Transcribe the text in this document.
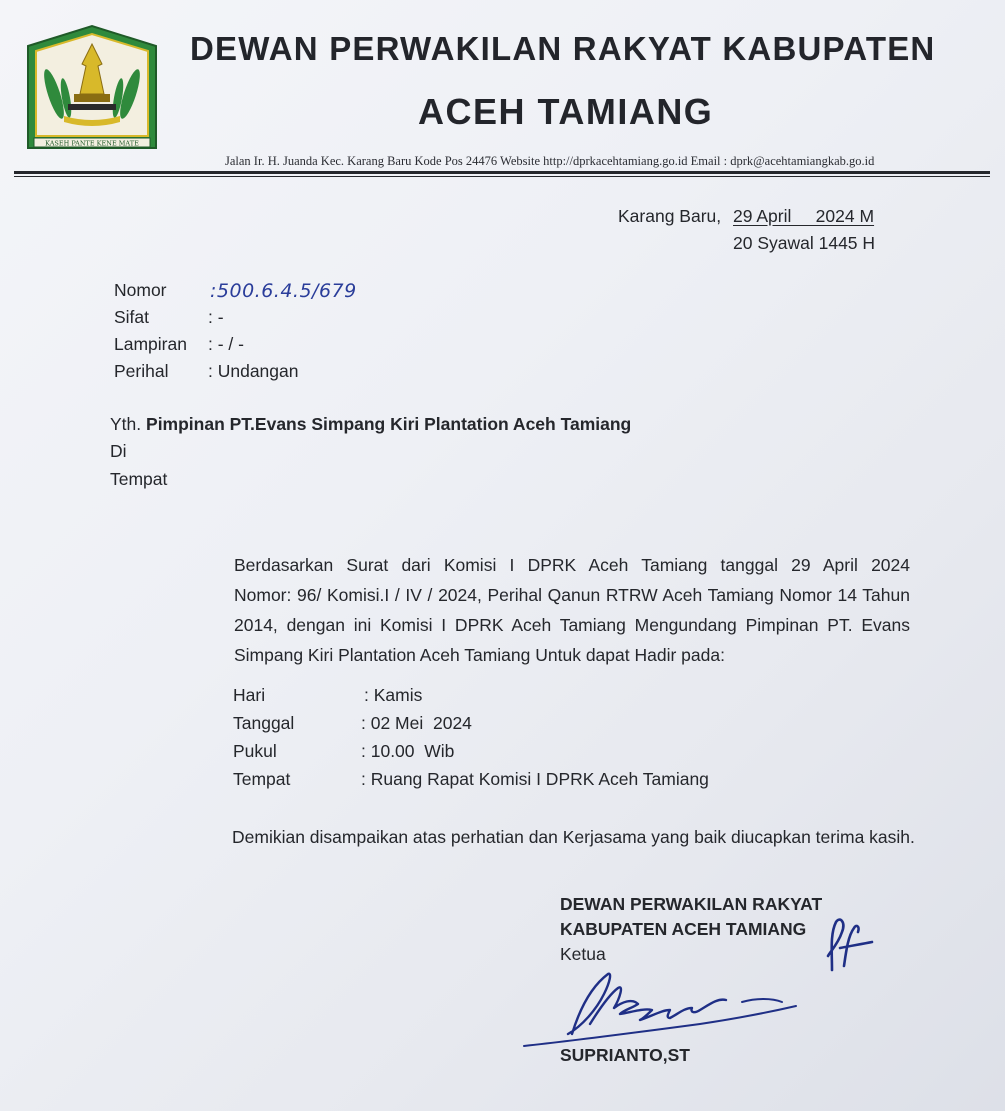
KASEH PANTE KENE MATE
DEWAN PERWAKILAN RAKYAT KABUPATEN
ACEH TAMIANG
Jalan Ir. H. Juanda Kec. Karang Baru Kode Pos 24476 Website http://dprkacehtamiang.go.id Email : dprk@acehtamiangkab.go.id
Karang Baru, 29 April     2024 M
20 Syawal 1445 H
Nomor :500.6.4.5/679
Sifat	: -
Lampiran : - / -
Perihal : Undangan
Yth. Pimpinan PT.Evans Simpang Kiri Plantation Aceh Tamiang
Di
Tempat
Berdasarkan Surat dari Komisi I DPRK Aceh Tamiang tanggal 29 April 2024
Nomor: 96/ Komisi.I / IV / 2024, Perihal Qanun RTRW Aceh Tamiang Nomor 14 Tahun
2014, dengan ini Komisi I DPRK Aceh Tamiang Mengundang Pimpinan PT. Evans
Simpang Kiri Plantation Aceh Tamiang Untuk dapat Hadir pada:
Hari	: Kamis
Tanggal	: 02 Mei  2024
Pukul	: 10.00  Wib
Tempat	: Ruang Rapat Komisi I DPRK Aceh Tamiang
Demikian disampaikan atas perhatian dan Kerjasama yang baik diucapkan terima kasih.
DEWAN PERWAKILAN RAKYAT
KABUPATEN ACEH TAMIANG
Ketua
SUPRIANTO,ST
